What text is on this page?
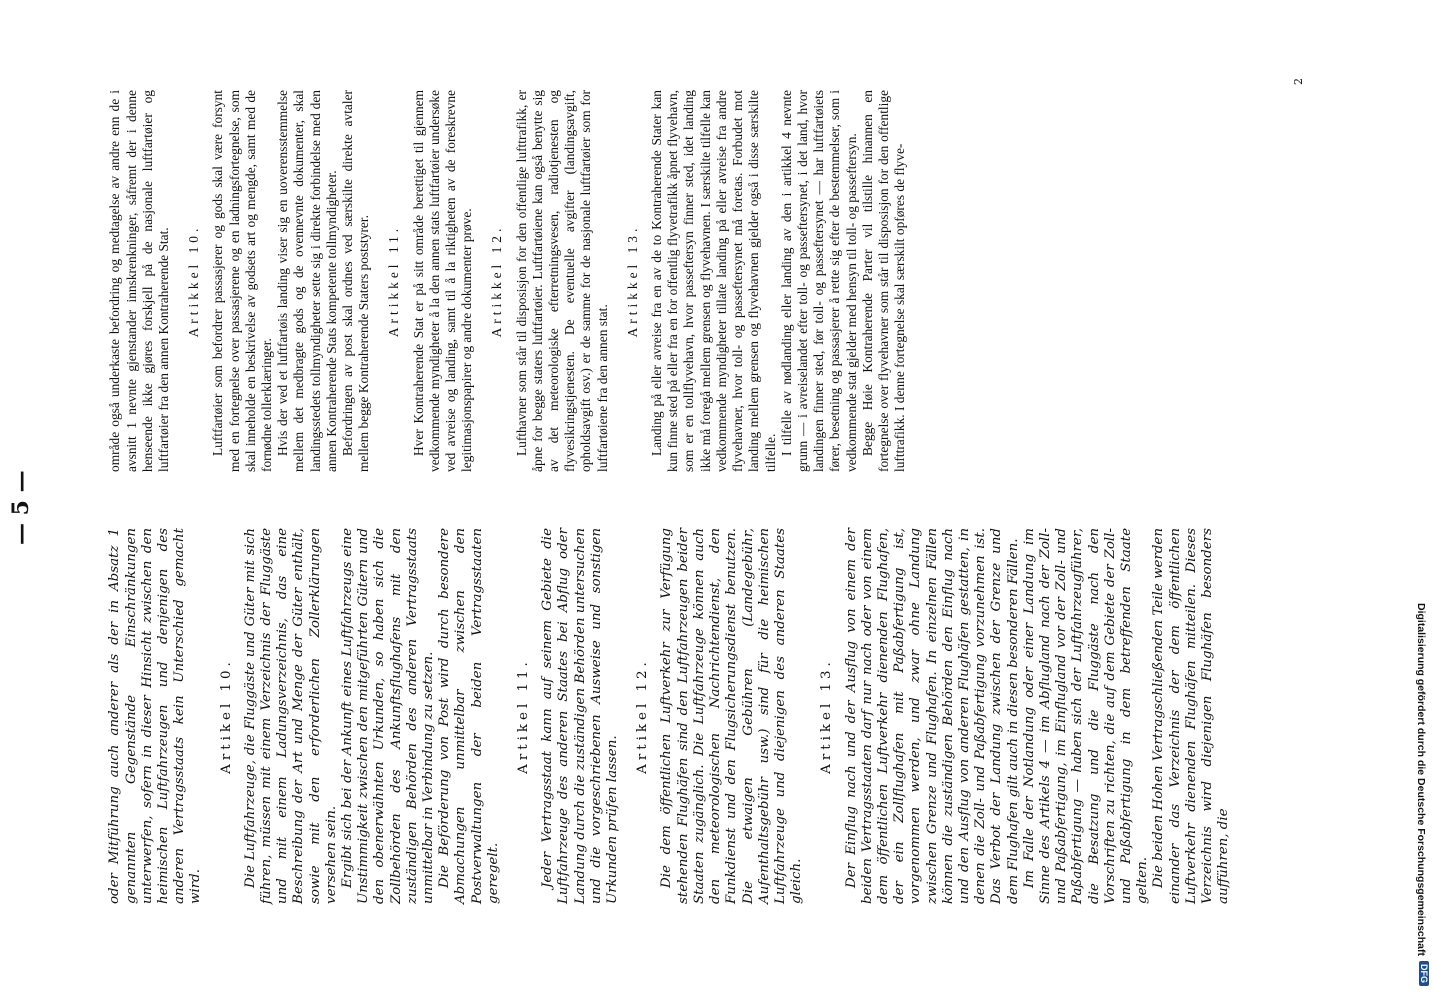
— 5 —

oder Mitführung auch anderer als der in Absatz 1 genannten Gegenstände Einschränkungen unterwerfen, sofern in dieser Hinsicht zwischen den heimischen Luftfahrzeugen und denjenigen des anderen Vertragsstaats kein Unterschied gemacht wird.

Artikel 10. Die Luftfahrzeuge, die Fluggäste und Güter mit sich führen, müssen mit einem Verzeichnis der Fluggäste und mit einem Ladungsverzeichnis, das eine Beschreibung der Art und Menge der Güter enthält, sowie mit den erforderlichen Zollerklärungen versehen sein. Ergibt sich bei der Ankunft eines Luftfahrzeugs eine Unstimmigkeit zwischen den mitgeführten Gütern und den obenerwähnten Urkunden, so haben sich die Zollbehörden des Ankunftsflughafens mit den zuständigen Behörden des anderen Vertragsstaats unmittelbar in Verbindung zu setzen. Die Beförderung von Post wird durch besondere Abmachungen unmittelbar zwischen den Postverwaltungen der beiden Vertragsstaaten geregelt.

Artikel 11. Jeder Vertragsstaat kann auf seinem Gebiete die Luftfahrzeuge des anderen Staates bei Abflug oder Landung durch die zuständigen Behörden untersuchen und die vorgeschriebenen Ausweise und sonstigen Urkunden prüfen lassen.

Artikel 12. Die dem öffentlichen Luftverkehr zur Verfügung stehenden Flughäfen sind den Luftfahrzeugen beider Staaten zugänglich. Die Luftfahrzeuge können auch den meteorologischen Nachrichtendienst, den Funkdienst und den Flugsicherungsdienst benutzen. Die etwaigen Gebühren (Landegebühr, Aufenthaltsgebühr usw.) sind für die heimischen Luftfahrzeuge und diejenigen des anderen Staates gleich.

Artikel 13. Der Einflug nach und der Ausflug von einem der beiden Vertragsstaaten darf nur nach oder von einem dem öffentlichen Luftverkehr dienenden Flughafen, der ein Zollflughafen mit Paßabfertigung ist, vorgenommen werden, und zwar ohne Landung zwischen Grenze und Flughafen. In einzelnen Fällen können die zuständigen Behörden den Einflug nach und den Ausflug von anderen Flughäfen gestatten, in denen die Zoll- und Paßabfertigung vorzunehmen ist. Das Verbot der Landung zwischen der Grenze und dem Flughafen gilt auch in diesen besonderen Fällen. Im Falle der Notlandung oder einer Landung im Sinne des Artikels 4 — im Abflugland nach der Zoll- und Paßabfertigung, im Einflugland vor der Zoll- und Paßabfertigung — haben sich der Luftfahrzeugführer, die Besatzung und die Fluggäste nach den Vorschriften zu richten, die auf dem Gebiete der Zoll- und Paßabfertigung in dem betreffenden Staate gelten. Die beiden Hohen Vertragschließenden Teile werden einander das Verzeichnis der dem öffentlichen Luftverkehr dienenden Flughäfen mitteilen. Dieses Verzeichnis wird diejenigen Flughäfen besonders aufführen, die

område også underkaste befordring og medtagelse av andre enn de i avsnitt 1 nevnte gjenstander innskrenkninger, såfremt der i denne henseende ikke gjøres forskjell på de nasjonale luftfartøier og luftfartøier fra den annen Kontraherende Stat. Artikkel 10. Luftfartøier som befordrer passasjerer og gods skal være forsynt med en fortegnelse over passasjerene og en ladningsfortegnelse, som skal inneholde en beskrivelse av godsets art og mengde, samt med de fornødne tollerklæringer. Hvis der ved et luftfartøis landing viser sig en uoverensstemmelse mellem det medbragte gods og de ovennevnte dokumenter, skal landingsstedets tollmyndigheter sette sig i direkte forbindelse med den annen Kontraherende Stats kompetente tollmyndigheter. Befordringen av post skal ordnes ved særskilte direkte avtaler mellem begge Kontraherende Staters poststyrer. Artikkel 11. Hver Kontraherende Stat er på sitt område berettiget til gjennem vedkommende myndigheter å la den annen stats luftfartøier undersøke ved avreise og landing, samt til å la riktigheten av de foreskrevne legitimasjonspapirer og andre dokumenter prøve. Artikkel 12. Lufthavner som står til disposisjon for den offentlige lufttrafikk, er åpne for begge staters luftfartøier. Luftfartøiene kan også benytte sig av det meteorologiske efterretningsvesen, radiotjenesten og flyvesikringstjenesten. De eventuelle avgifter (landingsavgift, opholdsavgift osv.) er de samme for de nasjonale luftfartøier som for luftfartøiene fra den annen stat.

Artikkel 13. Landing på eller avreise fra en av de to Kontraherende Stater kan kun finne sted på eller fra en for offentlig flyvetrafikk åpnet flyvehavn, som er en tollflyvehavn, hvor passeftersyn finner sted, idet landing ikke må foregå mellem grensen og flyvehavnen. I særskilte tilfelle kan vedkommende myndigheter tillate landing på eller avreise fra andre flyvehavner, hvor toll- og passeftersynet må foretas. Forbudet mot landing mellem grensen og flyvehavnen gjelder også i disse særskilte tilfelle. I tilfelle av nødlanding eller landing av den i artikkel 4 nevnte grunn — i avreiselandet efter toll- og passeftersynet, i det land, hvor landingen finner sted, før toll- og passeftersynet — har luftfartøiets fører, besetning og passasjerer å rette sig efter de bestemmelser, som i vedkommende stat gjelder med hensyn til toll- og passeftersyn. Begge Høie Kontraherende Parter vil tilstille hinannen en fortegnelse over flyvehavner som står til disposisjon for den offentlige lufttrafikk. I denne fortegnelse skal særskilt opføres de flyve-

2
Digitalisierung gefördert durch die Deutsche Forschungsgemeinschaft
DFG
